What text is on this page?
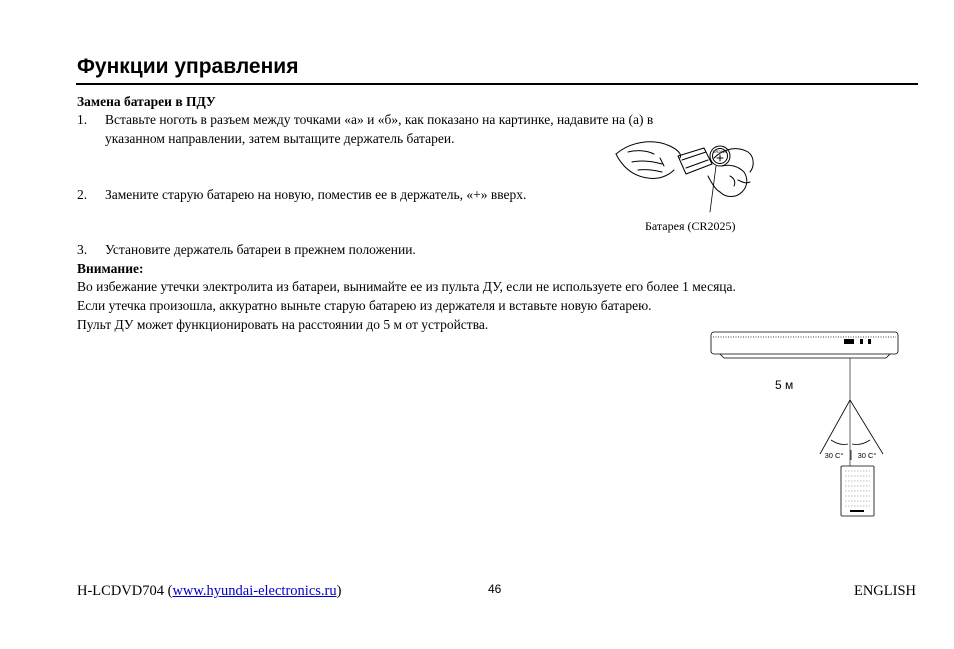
Функции управления
Замена батареи в ПДУ
1. Вставьте ноготь в разъем между точками «а» и «б», как показано на картинке, надавите на (а) в
указанном направлении, затем вытащите держатель батареи.
2. Замените старую батарею на новую, поместив ее в держатель, «+» вверх.
CR2025
Батарея (CR2025)
3. Установите держатель батареи в прежнем положении.
Внимание:
Во избежание утечки электролита из батареи, вынимайте ее из пульта ДУ, если не используете его более 1 месяца.
Если утечка произошла, аккуратно выньте старую батарею из держателя и вставьте новую батарею.
Пульт ДУ может функционировать на расстоянии до 5 м от устройства.
30 C° 30 C°
5 м
H-LCDVD704 (www.hyundai-electronics.ru)	46	ENGLISH
